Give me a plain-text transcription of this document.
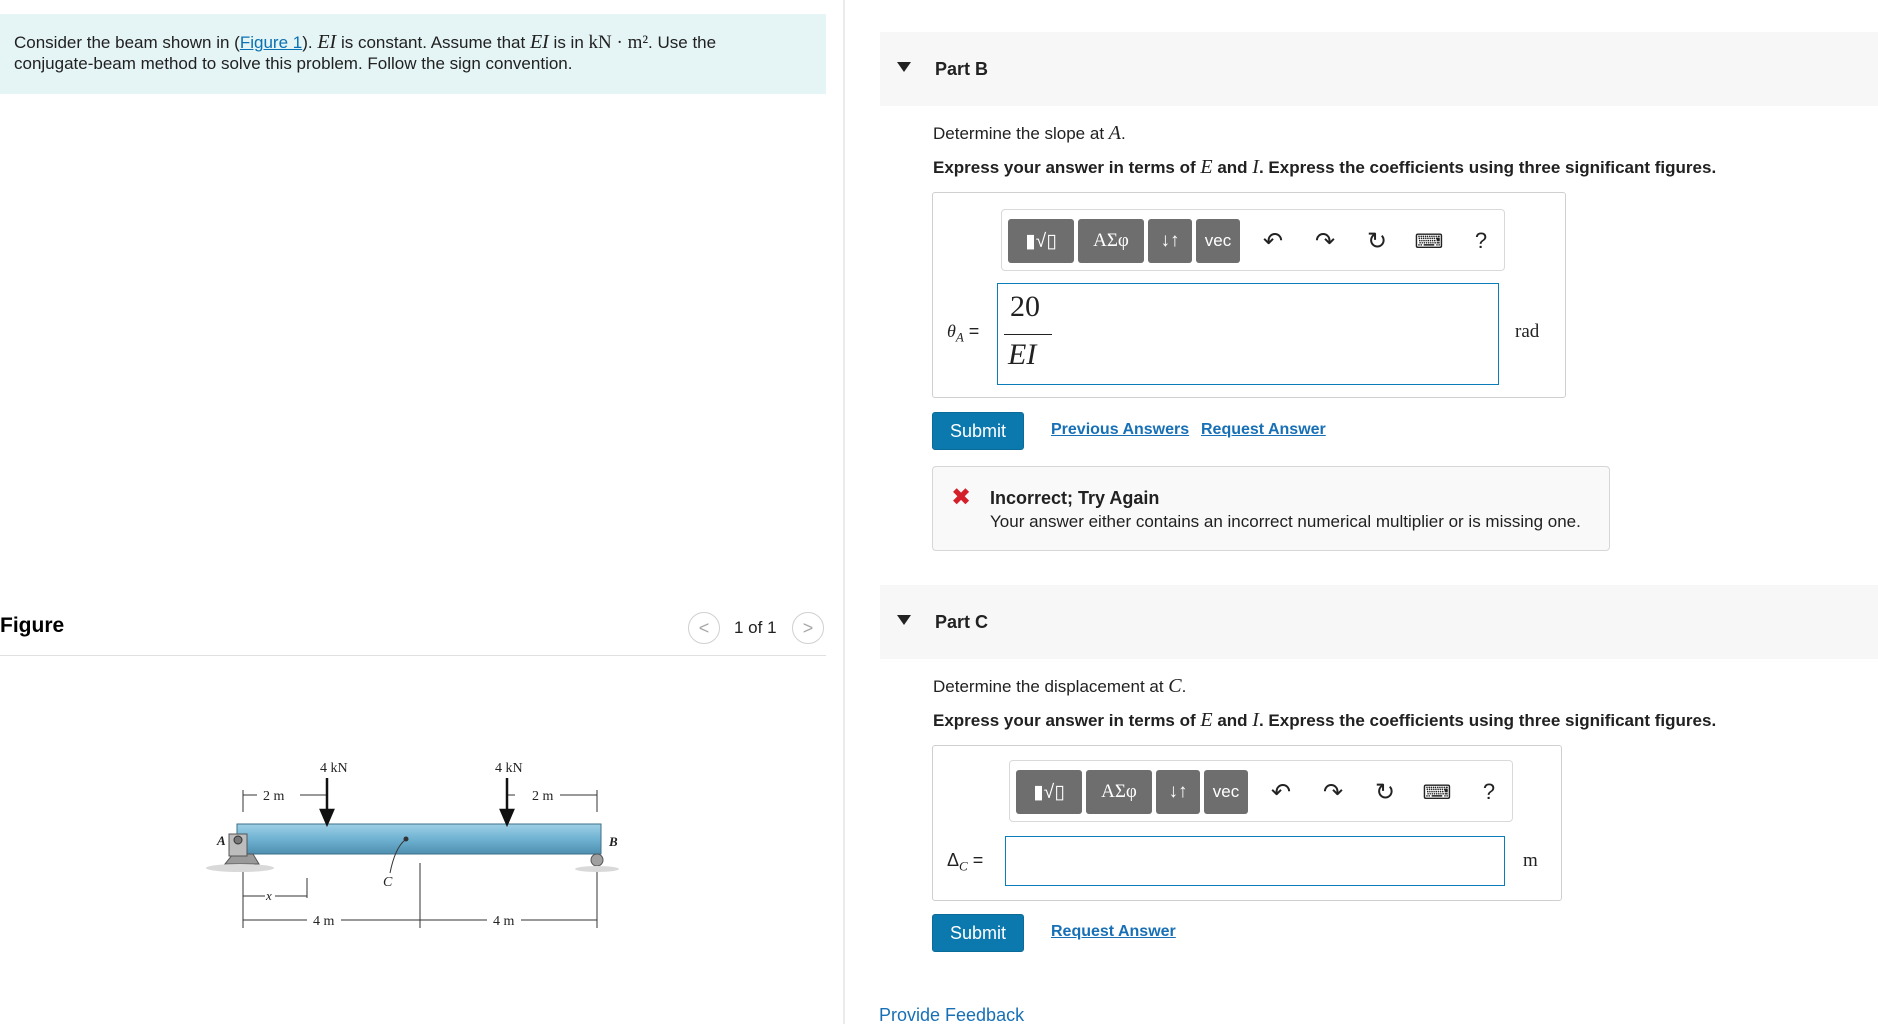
Consider the beam shown in (Figure 1). EI is constant. Assume that EI is in kN · m². Use the
conjugate-beam method to solve this problem. Follow the sign convention.
Figure	< 1 of 1 >
4 kN	4 kN
2 m	2 m
4 m	4 m
A	B
C
x
Part B
Determine the slope at A.
Express your answer in terms of E and I. Express the coefficients using three significant figures.
▮√▯ ΑΣφ ↓↑ vec ↶ ↷ ↻	⌨ ?
$\theta_A$ =
20
EI
rad
Submit	Previous Answers Request Answer
✖ Incorrect; Try Again
Your answer either contains an incorrect numerical multiplier or is missing one.
Part C
Determine the displacement at C.
Express your answer in terms of E and I. Express the coefficients using three significant figures.
▮√▯ ΑΣφ ↓↑ vec ↶ ↷ ↻	⌨ ?
$\Delta_C$ =	m
Submit	Request Answer
Provide Feedback
